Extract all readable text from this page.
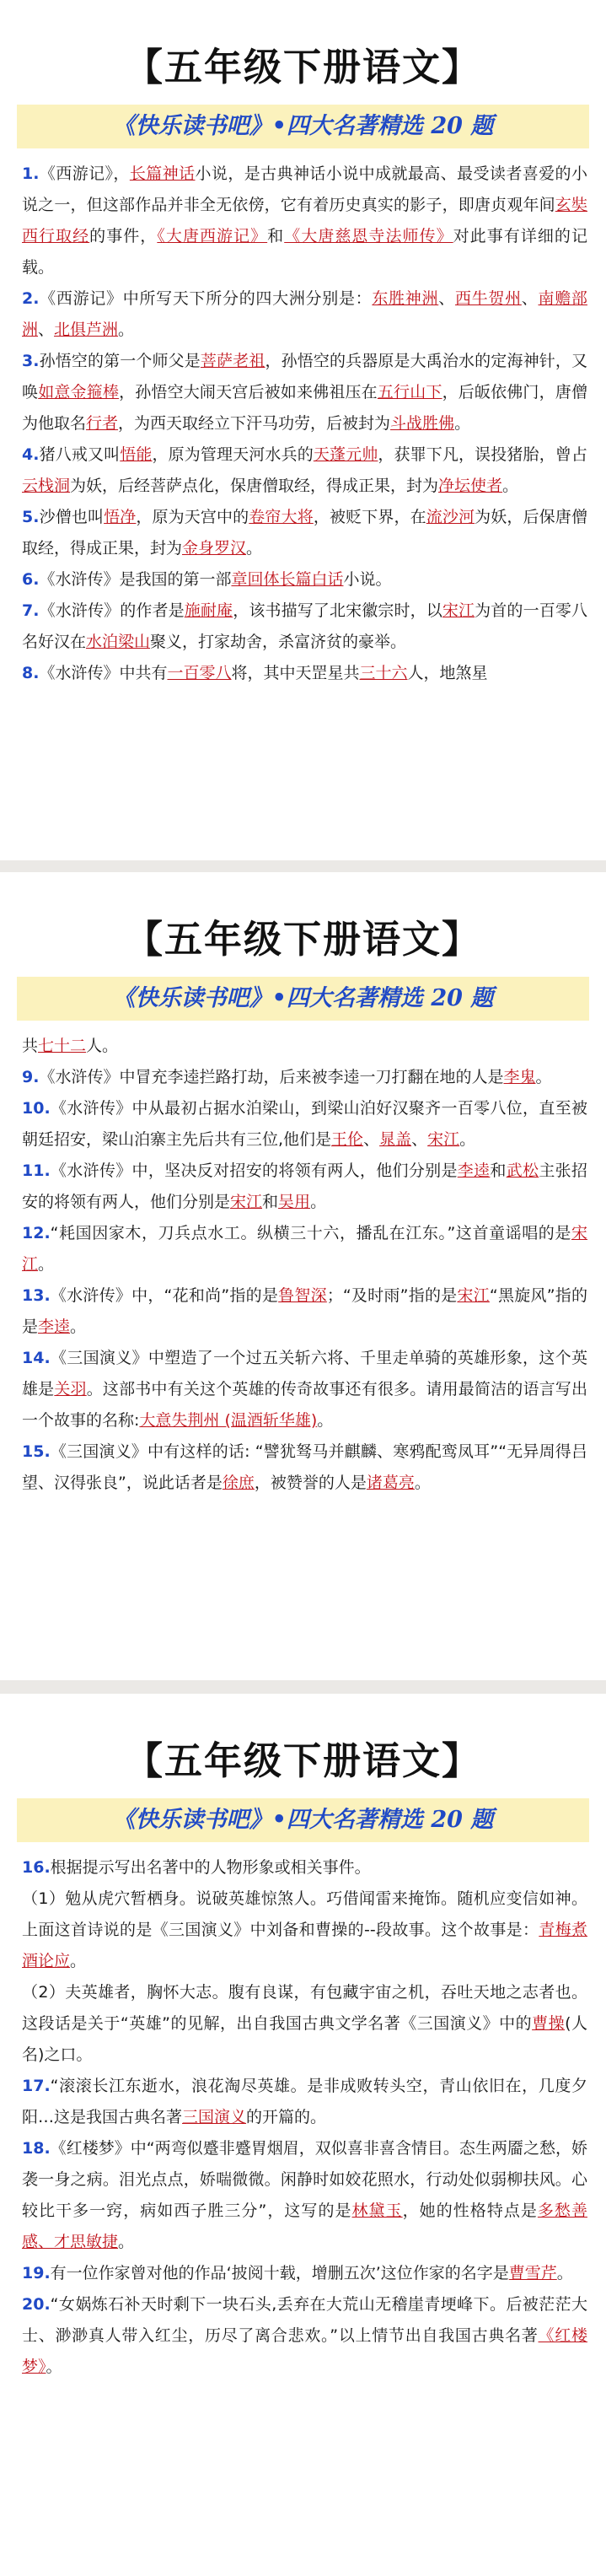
【五年级下册语文】
《快乐读书吧》•四大名著精选 20 题

1.《西游记》，长篇神话小说，是古典神话小说中成就最高、最受读者喜爱的小说之一，但这部作品并非全无依傍，它有着历史真实的影子，即唐贞观年间玄奘西行取经的事件，《大唐西游记》和《大唐慈恩寺法师传》对此事有详细的记载。

2.《西游记》中所写天下所分的四大洲分别是：东胜神洲、西牛贺州、南赡部洲、北俱芦洲。

3.孙悟空的第一个师父是菩萨老祖，孙悟空的兵器原是大禹治水的定海神针，又唤如意金箍棒，孙悟空大闹天宫后被如来佛祖压在五行山下，后皈依佛门，唐僧为他取名行者，为西天取经立下汗马功劳，后被封为斗战胜佛。

4.猪八戒又叫悟能，原为管理天河水兵的天蓬元帅，获罪下凡，误投猪胎，曾占云栈洞为妖，后经菩萨点化，保唐僧取经，得成正果，封为净坛使者。

5.沙僧也叫悟净，原为天宫中的卷帘大将，被贬下界，在流沙河为妖，后保唐僧取经，得成正果，封为金身罗汉。

6.《水浒传》是我国的第一部章回体长篇白话小说。

7.《水浒传》的作者是施耐庵，该书描写了北宋徽宗时，以宋江为首的一百零八名好汉在水泊梁山聚义，打家劫舍，杀富济贫的豪举。

8.《水浒传》中共有一百零八将，其中天罡星共三十六人，地煞星

【五年级下册语文】
《快乐读书吧》•四大名著精选 20 题

共七十二人。

9.《水浒传》中冒充李逵拦路打劫，后来被李逵一刀打翻在地的人是李鬼。

10.《水浒传》中从最初占据水泊梁山，到梁山泊好汉聚齐一百零八位，直至被朝廷招安，梁山泊寨主先后共有三位,他们是王伦、晁盖、宋江。

11.《水浒传》中，坚决反对招安的将领有两人，他们分别是李逵和武松主张招安的将领有两人，他们分别是宋江和吴用。

12.“耗国因家木，刀兵点水工。纵横三十六，播乱在江东。”这首童谣唱的是宋江。

13.《水浒传》中，“花和尚”指的是鲁智深；“及时雨”指的是宋江“黑旋风”指的是李逵。

14.《三国演义》中塑造了一个过五关斩六将、千里走单骑的英雄形象，这个英雄是关羽。这部书中有关这个英雄的传奇故事还有很多。请用最简洁的语言写出一个故事的名称:大意失荆州 (温酒斩华雄)。

15.《三国演义》中有这样的话: “譬犹驽马并麒麟、寒鸦配鸾凤耳”“无异周得吕望、汉得张良”，说此话者是徐庶，被赞誉的人是诸葛亮。

【五年级下册语文】
《快乐读书吧》•四大名著精选 20 题

16.根据提示写出名著中的人物形象或相关事件。

（1）勉从虎穴暂栖身。说破英雄惊煞人。巧借闻雷来掩饰。随机应变信如神。上面这首诗说的是《三国演义》中刘备和曹操的--段故事。这个故事是：青梅煮酒论应。

（2）夫英雄者，胸怀大志。腹有良谋，有包藏宇宙之机，吞吐天地之志者也。这段话是关于“英雄”的见解，出自我国古典文学名著《三国演义》中的曹操(人名)之口。

17.“滚滚长江东逝水，浪花淘尽英雄。是非成败转头空，青山依旧在，几度夕阳…这是我国古典名著三国演义的开篇的。

18.《红楼梦》中“两弯似蹙非蹙胃烟眉，双似喜非喜含情目。态生两靥之愁，娇袭一身之病。泪光点点，娇喘微微。闲静时如姣花照水，行动处似弱柳扶风。心较比干多一窍，病如西子胜三分”，这写的是林黛玉，她的性格特点是多愁善感、才思敏捷。

19.有一位作家曾对他的作品‘披阅十载，增删五次’这位作家的名字是曹雪芹。

20.“女娲炼石补天时剩下一块石头,丢弃在大荒山无稽崖青埂峰下。后被茫茫大士、渺渺真人带入红尘，历尽了离合悲欢。”以上情节出自我国古典名著《红楼梦》。
